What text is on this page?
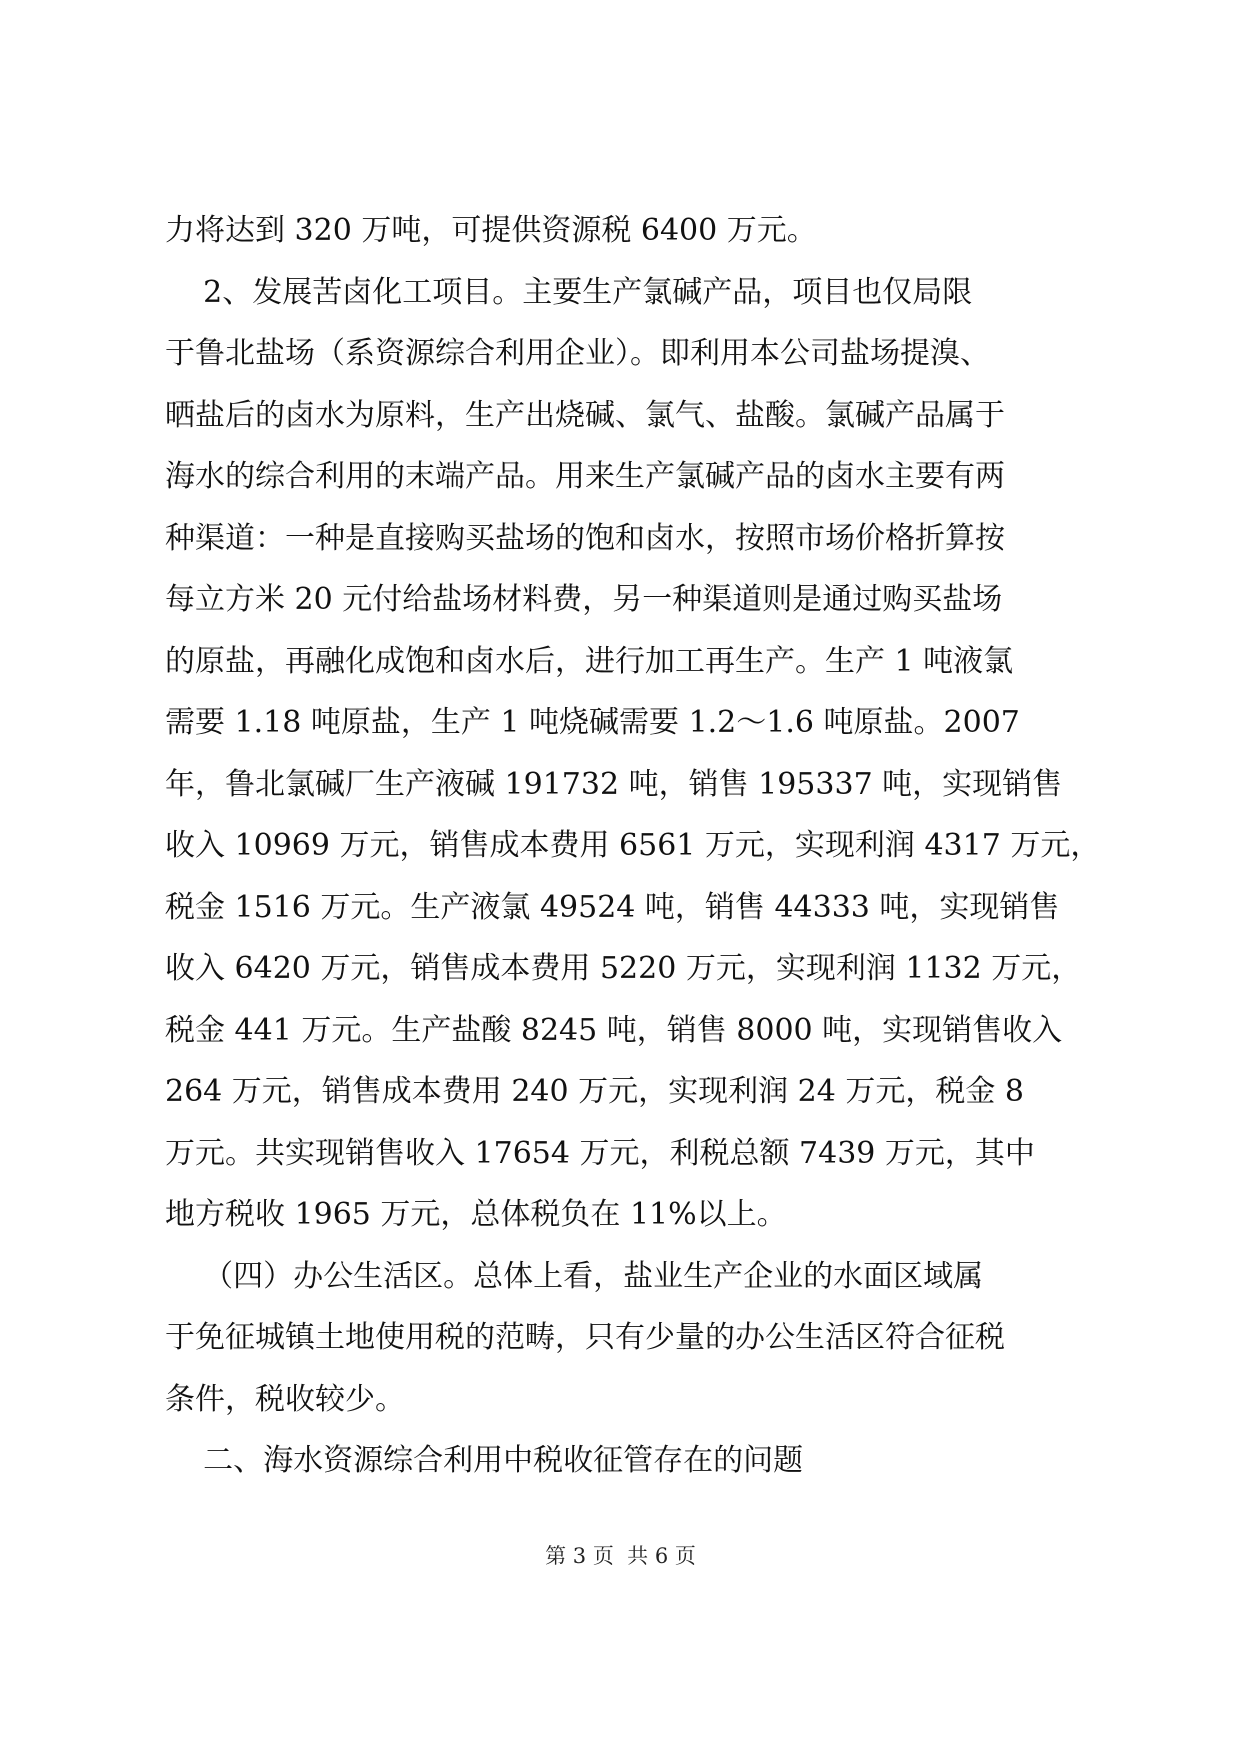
力将达到 320 万吨，可提供资源税 6400 万元。
2、发展苦卤化工项目。主要生产氯碱产品，项目也仅局限
于鲁北盐场（系资源综合利用企业）。即利用本公司盐场提溴、
晒盐后的卤水为原料，生产出烧碱、氯气、盐酸。氯碱产品属于
海水的综合利用的末端产品。用来生产氯碱产品的卤水主要有两
种渠道：一种是直接购买盐场的饱和卤水，按照市场价格折算按
每立方米 20 元付给盐场材料费，另一种渠道则是通过购买盐场
的原盐，再融化成饱和卤水后，进行加工再生产。生产 1 吨液氯
需要 1.18 吨原盐，生产 1 吨烧碱需要 1.2～1.6 吨原盐。2007
年，鲁北氯碱厂生产液碱 191732 吨，销售 195337 吨，实现销售
收入 10969 万元，销售成本费用 6561 万元，实现利润 4317 万元，
税金 1516 万元。生产液氯 49524 吨，销售 44333 吨，实现销售
收入 6420 万元，销售成本费用 5220 万元，实现利润 1132 万元，
税金 441 万元。生产盐酸 8245 吨，销售 8000 吨，实现销售收入
264 万元，销售成本费用 240 万元，实现利润 24 万元，税金 8
万元。共实现销售收入 17654 万元，利税总额 7439 万元，其中
地方税收 1965 万元，总体税负在 11%以上。
（四）办公生活区。总体上看，盐业生产企业的水面区域属
于免征城镇土地使用税的范畴，只有少量的办公生活区符合征税
条件，税收较少。
二、海水资源综合利用中税收征管存在的问题
第 3 页  共 6 页
